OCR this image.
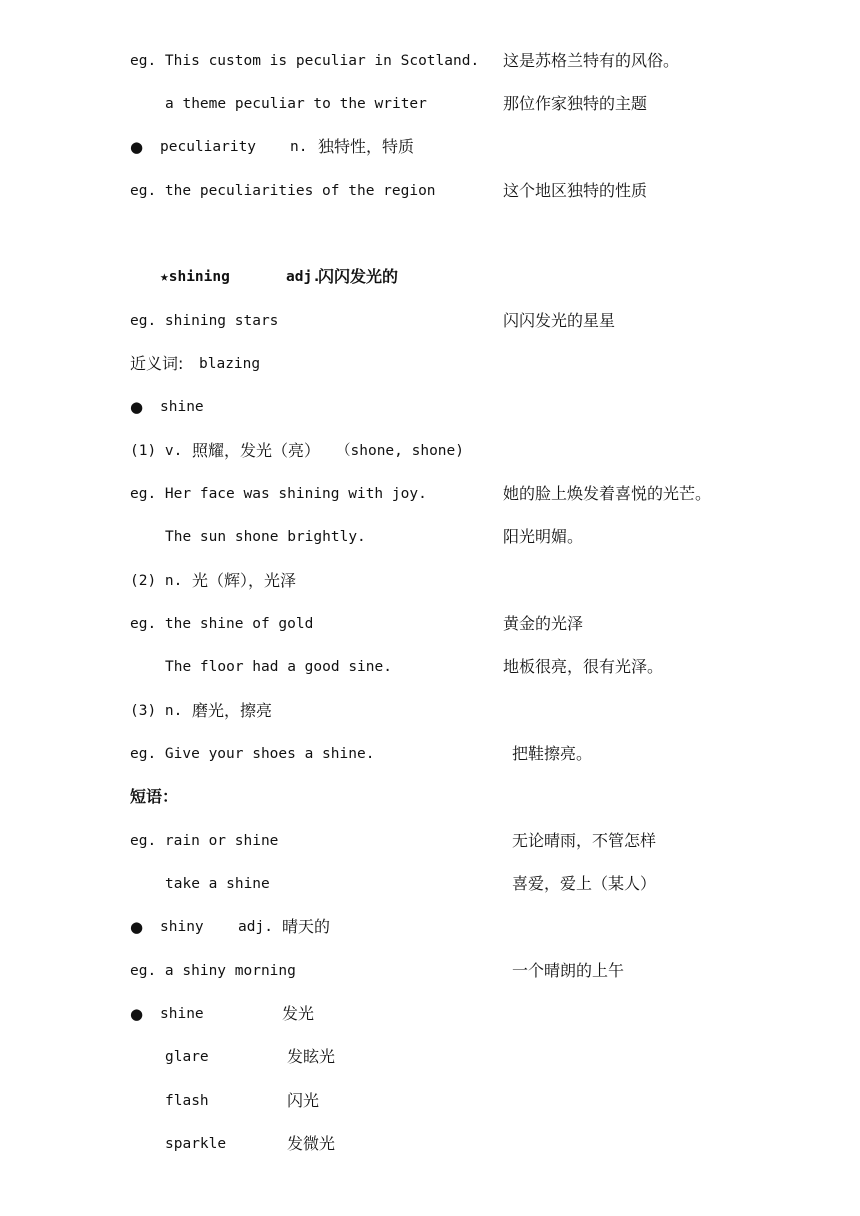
eg. This custom is peculiar in Scotland. 这是苏格兰特有的风俗。
a theme peculiar to the writer	那位作家独特的主题
● peculiarity n. 独特性，特质
eg. the peculiarities of the region	这个地区独特的性质
★shining	adj.
闪闪发光的
eg. shining stars	闪闪发光的星星
近义词: blazing
● shine
(1) v. 照耀，发光（亮） （shone, shone)
eg. Her face was shining with joy.	她的脸上焕发着喜悦的光芒。
The sun shone brightly.	阳光明媚。
(2) n. 光（辉），光泽
eg. the shine of gold	黄金的光泽
The floor had a good sine.	地板很亮，很有光泽。
(3) n. 磨光，擦亮
eg. Give your shoes a shine.	把鞋擦亮。
短语：
eg. rain or shine	无论晴雨，不管怎样
take a shine	喜爱，爱上（某人）
● shiny adj. 晴天的
eg. a shiny morning	一个晴朗的上午
● shine	发光
glare	发眩光
flash	闪光
sparkle	发微光
